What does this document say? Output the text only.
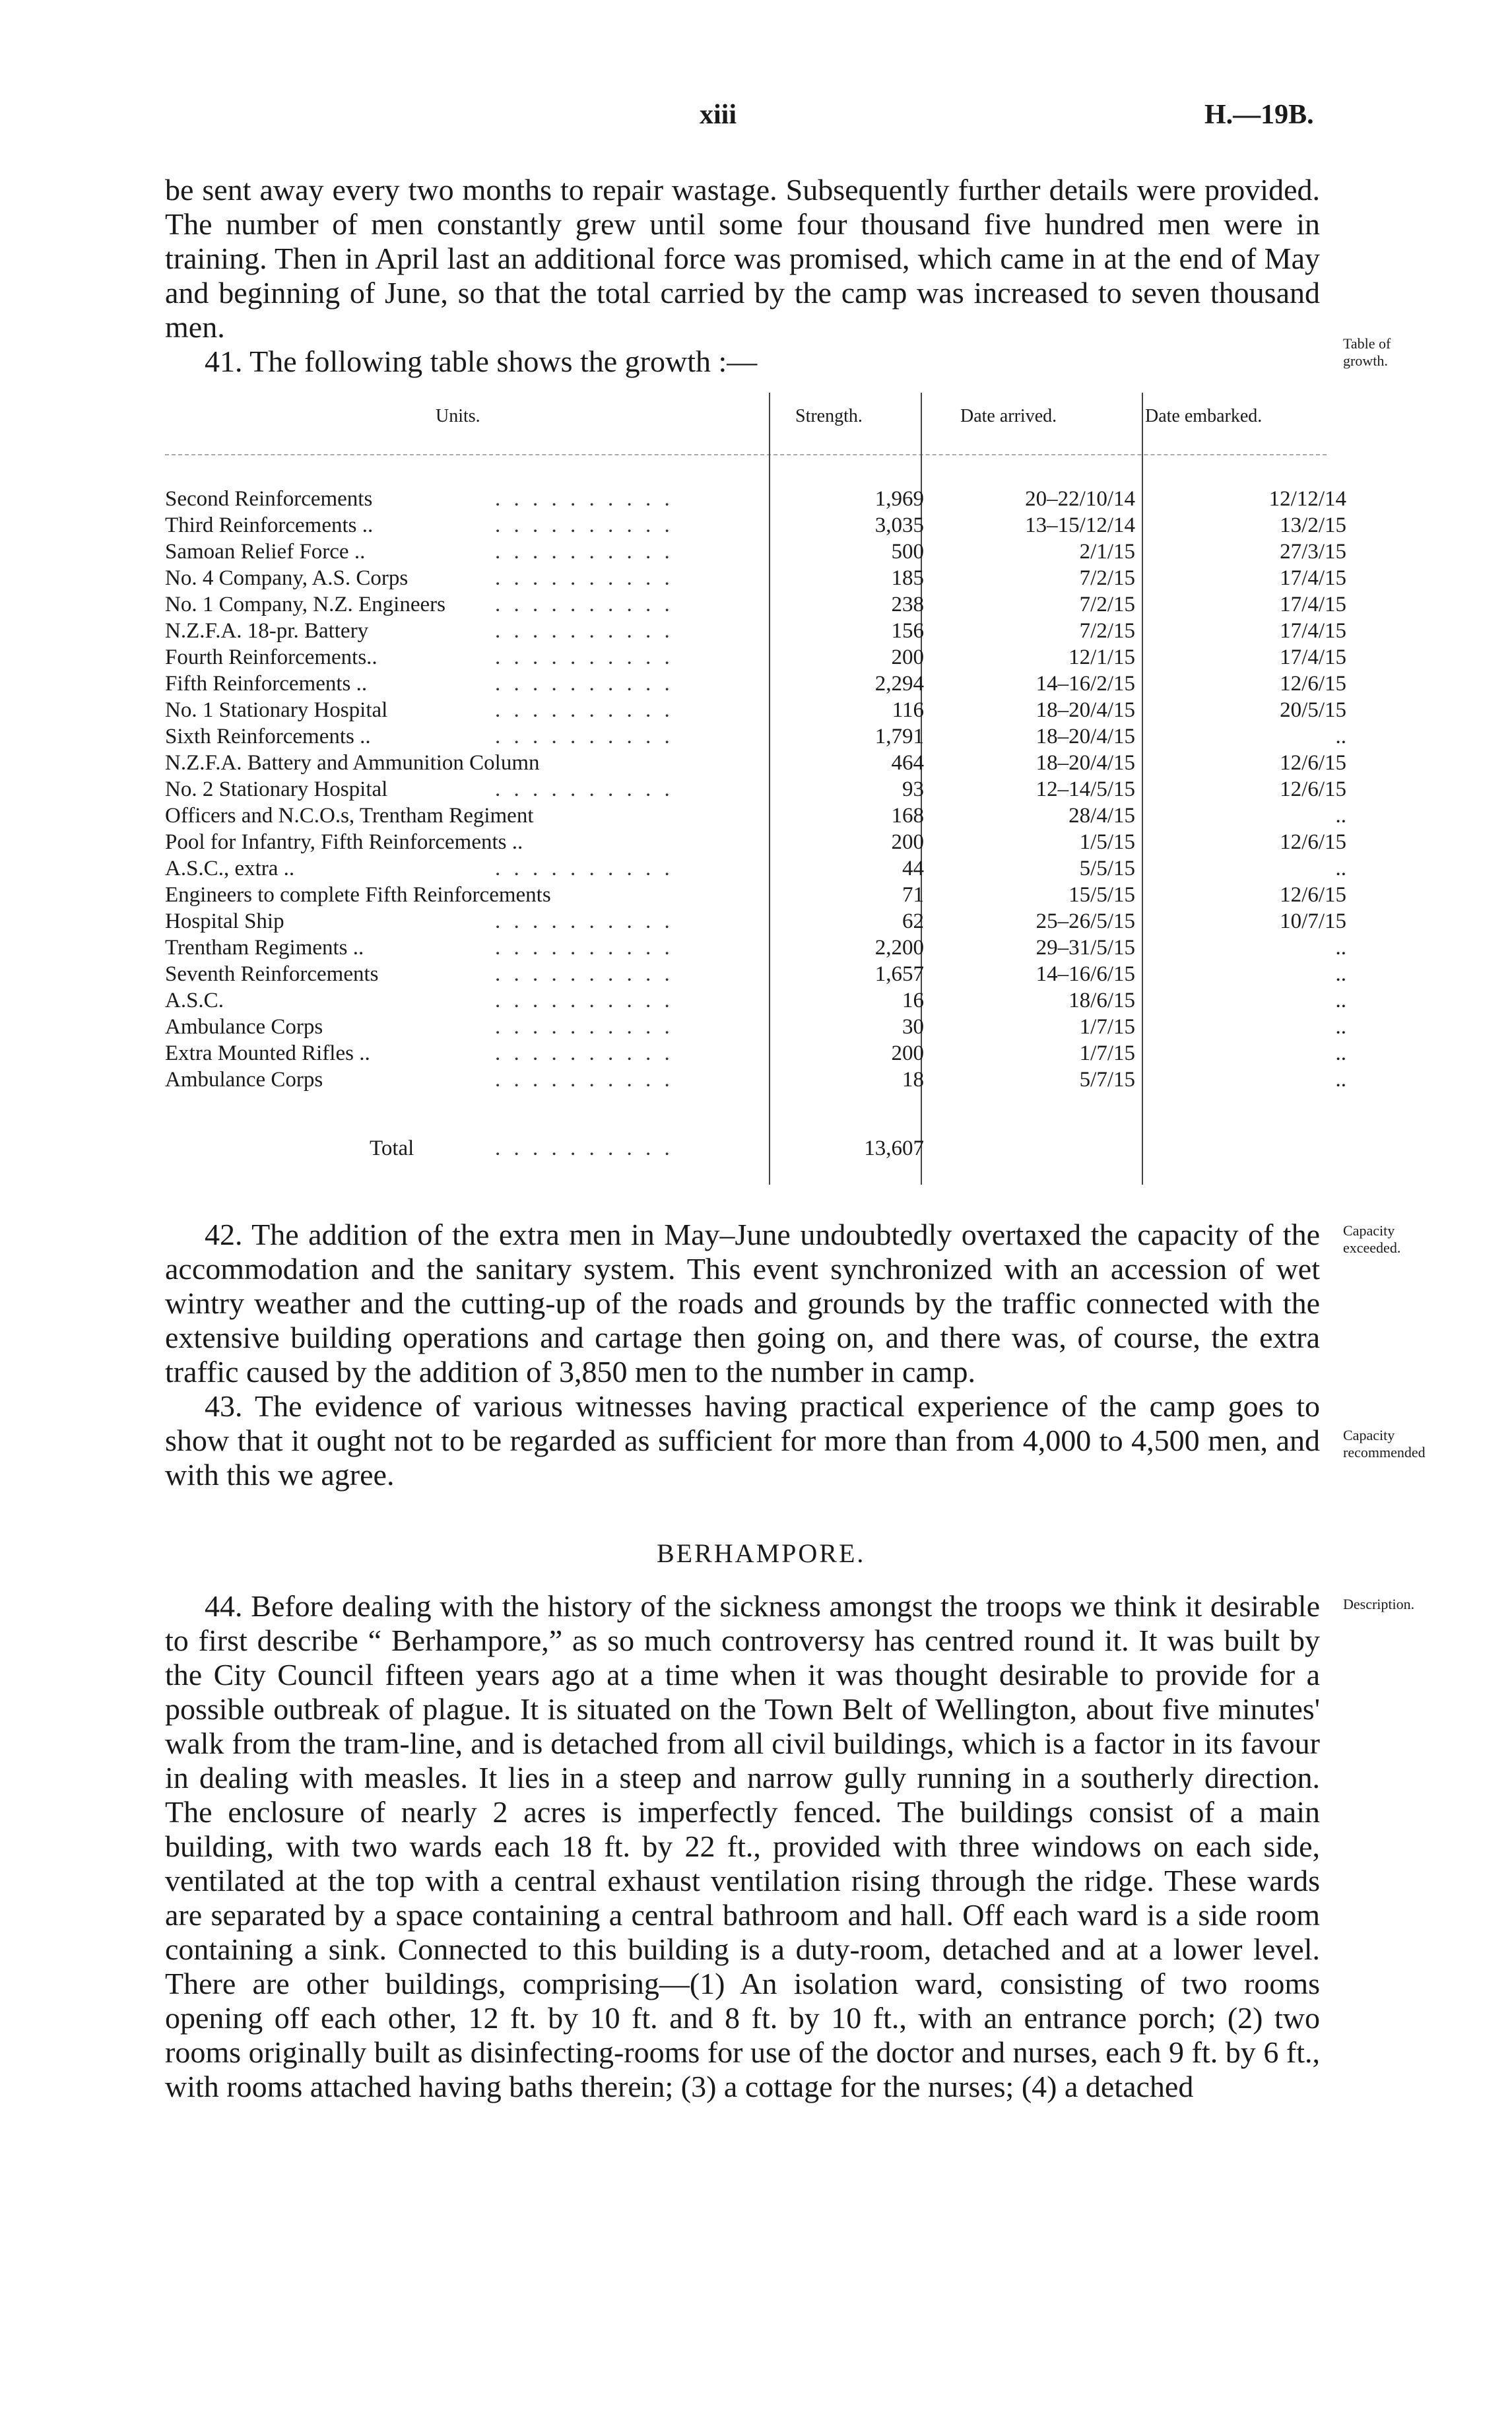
xiii	H.—19B.

be sent away every two months to repair wastage. Subsequently further details were provided. The number of men constantly grew until some four thousand five hundred men were in training. Then in April last an additional force was promised, which came in at the end of May and beginning of June, so that the total carried by the camp was increased to seven thousand men.

41. The following table shows the growth :—

Table of growth.
Units.	Strength.	Date arrived.	Date embarked.
Second Reinforcements	. . . . . . . . . .	1,969	20–22/10/14	12/12/14
Third Reinforcements ..	. . . . . . . . . .	3,035	13–15/12/14	13/2/15
Samoan Relief Force ..	. . . . . . . . . .	500	2/1/15	27/3/15
No. 4 Company, A.S. Corps	. . . . . . . . . .	185	7/2/15	17/4/15
No. 1 Company, N.Z. Engineers . . . . . . . . . .	238	7/2/15	17/4/15
N.Z.F.A. 18-pr. Battery	. . . . . . . . . .	156	7/2/15	17/4/15
Fourth Reinforcements..	. . . . . . . . . .	200	12/1/15	17/4/15
Fifth Reinforcements ..	. . . . . . . . . .	2,294	14–16/2/15	12/6/15
No. 1 Stationary Hospital	. . . . . . . . . .	116	18–20/4/15	20/5/15
Sixth Reinforcements ..	. . . . . . . . . .	1,791	18–20/4/15	..
N.Z.F.A. Battery and Ammunition Column	464	18–20/4/15	12/6/15
No. 2 Stationary Hospital	. . . . . . . . . .	93	12–14/5/15	12/6/15
Officers and N.C.O.s, Trentham Regiment	168	28/4/15	..
Pool for Infantry, Fifth Reinforcements ..	200	1/5/15	12/6/15
A.S.C., extra ..	. . . . . . . . . .	44	5/5/15	..
Engineers to complete Fifth Reinforcements	71	15/5/15	12/6/15
Hospital Ship	. . . . . . . . . .	62	25–26/5/15	10/7/15
Trentham Regiments ..	. . . . . . . . . .	2,200	29–31/5/15	..
Seventh Reinforcements	. . . . . . . . . .	1,657	14–16/6/15	..
A.S.C.	. . . . . . . . . .	16	18/6/15	..
Ambulance Corps	. . . . . . . . . .	30	1/7/15	..
Extra Mounted Rifles ..	. . . . . . . . . .	200	1/7/15	..
Ambulance Corps	. . . . . . . . . .	18	5/7/15	..
Total	. . . . . . . . . .	13,607

42. The addition of the extra men in May–June undoubtedly overtaxed the capacity of the accommodation and the sanitary system. This event synchronized with an accession of wet wintry weather and the cutting-up of the roads and grounds by the traffic connected with the extensive building operations and cartage then going on, and there was, of course, the extra traffic caused by the addition of 3,850 men to the number in camp.

43. The evidence of various witnesses having practical experience of the camp goes to show that it ought not to be regarded as sufficient for more than from 4,000 to 4,500 men, and with this we agree.

Capacity exceeded.
Capacity recommended
BERHAMPORE.

44. Before dealing with the history of the sickness amongst the troops we think it desirable to first describe “ Berhampore,” as so much controversy has centred round it. It was built by the City Council fifteen years ago at a time when it was thought desirable to provide for a possible outbreak of plague. It is situated on the Town Belt of Wellington, about five minutes' walk from the tram-line, and is detached from all civil buildings, which is a factor in its favour in dealing with measles. It lies in a steep and narrow gully running in a southerly direction. The enclosure of nearly 2 acres is imperfectly fenced. The buildings consist of a main building, with two wards each 18 ft. by 22 ft., provided with three windows on each side, ventilated at the top with a central exhaust ventilation rising through the ridge. These wards are separated by a space containing a central bathroom and hall. Off each ward is a side room containing a sink. Connected to this building is a duty-room, detached and at a lower level. There are other buildings, comprising—(1) An isolation ward, consisting of two rooms opening off each other, 12 ft. by 10 ft. and 8 ft. by 10 ft., with an entrance porch; (2) two rooms originally built as disinfecting-rooms for use of the doctor and nurses, each 9 ft. by 6 ft., with rooms attached having baths therein; (3) a cottage for the nurses; (4) a detached

Description.
